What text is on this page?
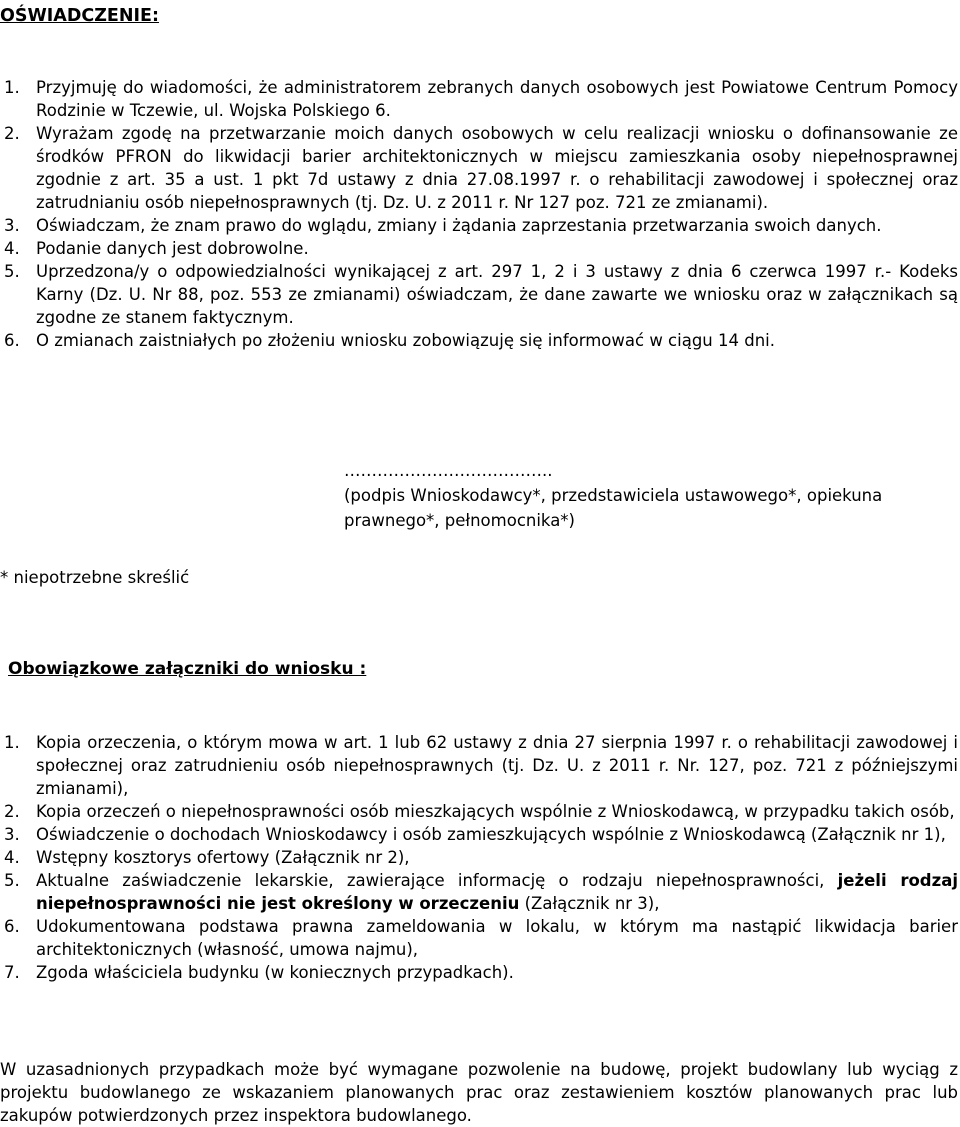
OŚWIADCZENIE:
1. Przyjmuję do wiadomości, że administratorem zebranych danych osobowych jest Powiatowe Centrum Pomocy Rodzinie w Tczewie, ul. Wojska Polskiego 6.
2. Wyrażam zgodę na przetwarzanie moich danych osobowych w celu realizacji wniosku o dofinansowanie ze środków PFRON do likwidacji barier architektonicznych w miejscu zamieszkania osoby niepełnosprawnej zgodnie z art. 35 a ust. 1 pkt 7d ustawy z dnia 27.08.1997 r. o rehabilitacji zawodowej i społecznej oraz zatrudnianiu osób niepełnosprawnych (tj. Dz. U. z 2011 r. Nr 127 poz. 721 ze zmianami).
3. Oświadczam, że znam prawo do wglądu, zmiany i żądania zaprzestania przetwarzania swoich danych.
4. Podanie danych jest dobrowolne.
5. Uprzedzona/y o odpowiedzialności wynikającej z art. 297 1, 2 i 3 ustawy z dnia 6 czerwca 1997 r.- Kodeks Karny (Dz. U. Nr 88, poz. 553 ze zmianami) oświadczam, że dane zawarte we wniosku oraz w załącznikach są zgodne ze stanem faktycznym.
6. O zmianach zaistniałych po złożeniu wniosku zobowiązuję się informować w ciągu 14 dni.
………………………………..
(podpis Wnioskodawcy*, przedstawiciela ustawowego*, opiekuna prawnego*, pełnomocnika*)
* niepotrzebne skreślić
Obowiązkowe załączniki do wniosku :
1. Kopia orzeczenia, o którym mowa w art. 1 lub 62 ustawy z dnia 27 sierpnia 1997 r. o rehabilitacji zawodowej i społecznej oraz zatrudnieniu osób niepełnosprawnych (tj. Dz. U. z 2011 r. Nr. 127, poz. 721 z późniejszymi zmianami),
2. Kopia orzeczeń o niepełnosprawności osób mieszkających wspólnie z Wnioskodawcą, w przypadku takich osób,
3. Oświadczenie o dochodach Wnioskodawcy i osób zamieszkujących wspólnie z Wnioskodawcą (Załącznik nr 1),
4. Wstępny kosztorys ofertowy (Załącznik nr 2),
5. Aktualne zaświadczenie lekarskie, zawierające informację o rodzaju niepełnosprawności, jeżeli rodzaj niepełnosprawności nie jest określony w orzeczeniu (Załącznik nr 3),
6. Udokumentowana podstawa prawna zameldowania w lokalu, w którym ma nastąpić likwidacja barier architektonicznych (własność, umowa najmu),
7. Zgoda właściciela budynku (w koniecznych przypadkach).
W uzasadnionych przypadkach może być wymagane pozwolenie na budowę, projekt budowlany lub wyciąg z projektu budowlanego ze wskazaniem planowanych prac oraz zestawieniem kosztów planowanych prac lub zakupów potwierdzonych przez inspektora budowlanego.
